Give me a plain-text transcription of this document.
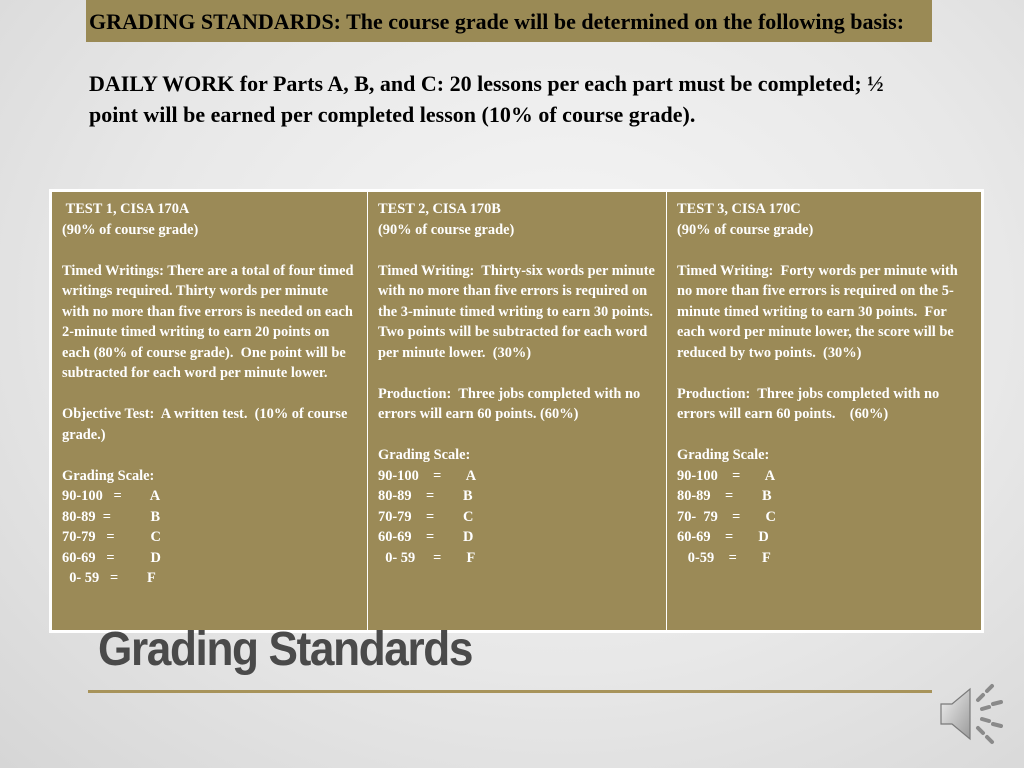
GRADING STANDARDS: The course grade will be determined on the following basis:

DAILY WORK for Parts A, B, and C: 20 lessons per each part must be completed; ½ point will be earned per completed lesson (10% of course grade).

TEST 1, CISA 170A
(90% of course grade)
Timed Writings: There are a total of four timed writings required. Thirty words per minute with no more than five errors is needed on each 2-minute timed writing to earn 20 points on each (80% of course grade).  One point will be subtracted for each word per minute lower.
Objective Test:  A written test.  (10% of course grade.)
Grading Scale:
90-100   =        A
80-89  =           B
70-79   =          C
60-69   =          D
0- 59   =        F

TEST 2, CISA 170B
(90% of course grade)
Timed Writing:  Thirty-six words per minute with no more than five errors is required on the 3-minute timed writing to earn 30 points.  Two points will be subtracted for each word per minute lower.  (30%)
Production:  Three jobs completed with no errors will earn 60 points. (60%)
Grading Scale:
90-100    =       A
80-89    =        B
70-79    =        C
60-69    =        D
0- 59     =       F

TEST 3, CISA 170C
(90% of course grade)
Timed Writing:  Forty words per minute with no more than five errors is required on the 5-minute timed writing to earn 30 points.  For each word per minute lower, the score will be reduced by two points.  (30%)
Production:  Three jobs completed with no errors will earn 60 points.    (60%)
Grading Scale:
90-100    =       A
80-89    =        B
70-  79    =       C
60-69    =       D
0-59    =       F
Grading Standards
